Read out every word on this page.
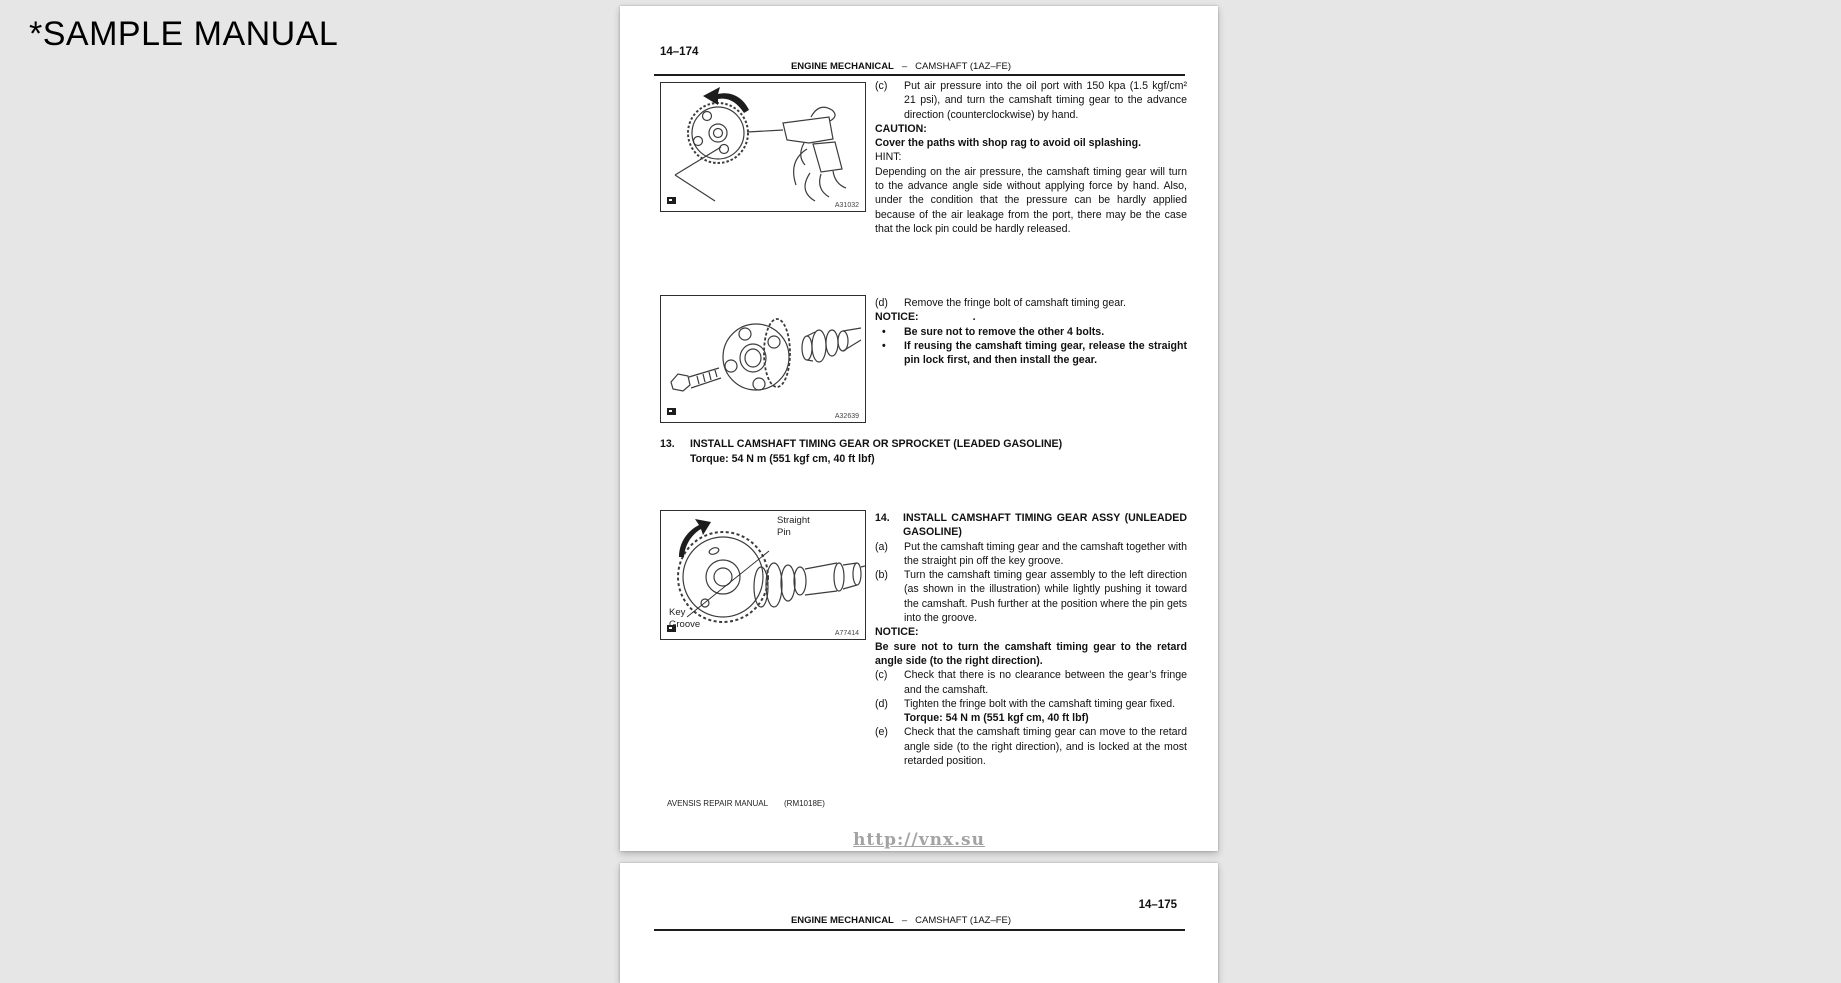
*SAMPLE MANUAL	14–174
ENGINE MECHANICAL – CAMSHAFT (1AZ–FE)
A31032
(c) Put air pressure into the oil port with 150 kpa (1.5 kgf/cm² 21 psi), and turn the camshaft timing gear to the advance direction (counterclockwise) by hand.
CAUTION:
Cover the paths with shop rag to avoid oil splashing.
HINT:
Depending on the air pressure, the camshaft timing gear will turn to the advance angle side without applying force by hand. Also, under the condition that the pressure can be hardly applied because of the air leakage from the port, there may be the case that the lock pin could be hardly released.
A32639
(d) Remove the fringe bolt of camshaft timing gear.
NOTICE:	.
• Be sure not to remove the other 4 bolts.
• If reusing the camshaft timing gear, release the straight pin lock first, and then install the gear.
13. INSTALL CAMSHAFT TIMING GEAR OR SPROCKET (LEADED GASOLINE)
Torque: 54 N m (551 kgf cm, 40 ft lbf)
Straight
Pin
Key
Groove
A77414
14. INSTALL CAMSHAFT TIMING GEAR ASSY (UNLEADED GASOLINE)
(a) Put the camshaft timing gear and the camshaft together with the straight pin off the key groove.
(b) Turn the camshaft timing gear assembly to the left direction (as shown in the illustration) while lightly pushing it toward the camshaft. Push further at the position where the pin gets into the groove.
NOTICE:
Be sure not to turn the camshaft timing gear to the retard angle side (to the right direction).
(c) Check that there is no clearance between the gear’s fringe and the camshaft.
(d) Tighten the fringe bolt with the camshaft timing gear fixed.
Torque: 54 N m (551 kgf cm, 40 ft lbf)
(e) Check that the camshaft timing gear can move to the retard angle side (to the right direction), and is locked at the most retarded position.
AVENSIS REPAIR MANUAL (RM1018E)
http://vnx.su
14–175
ENGINE MECHANICAL – CAMSHAFT (1AZ–FE)
